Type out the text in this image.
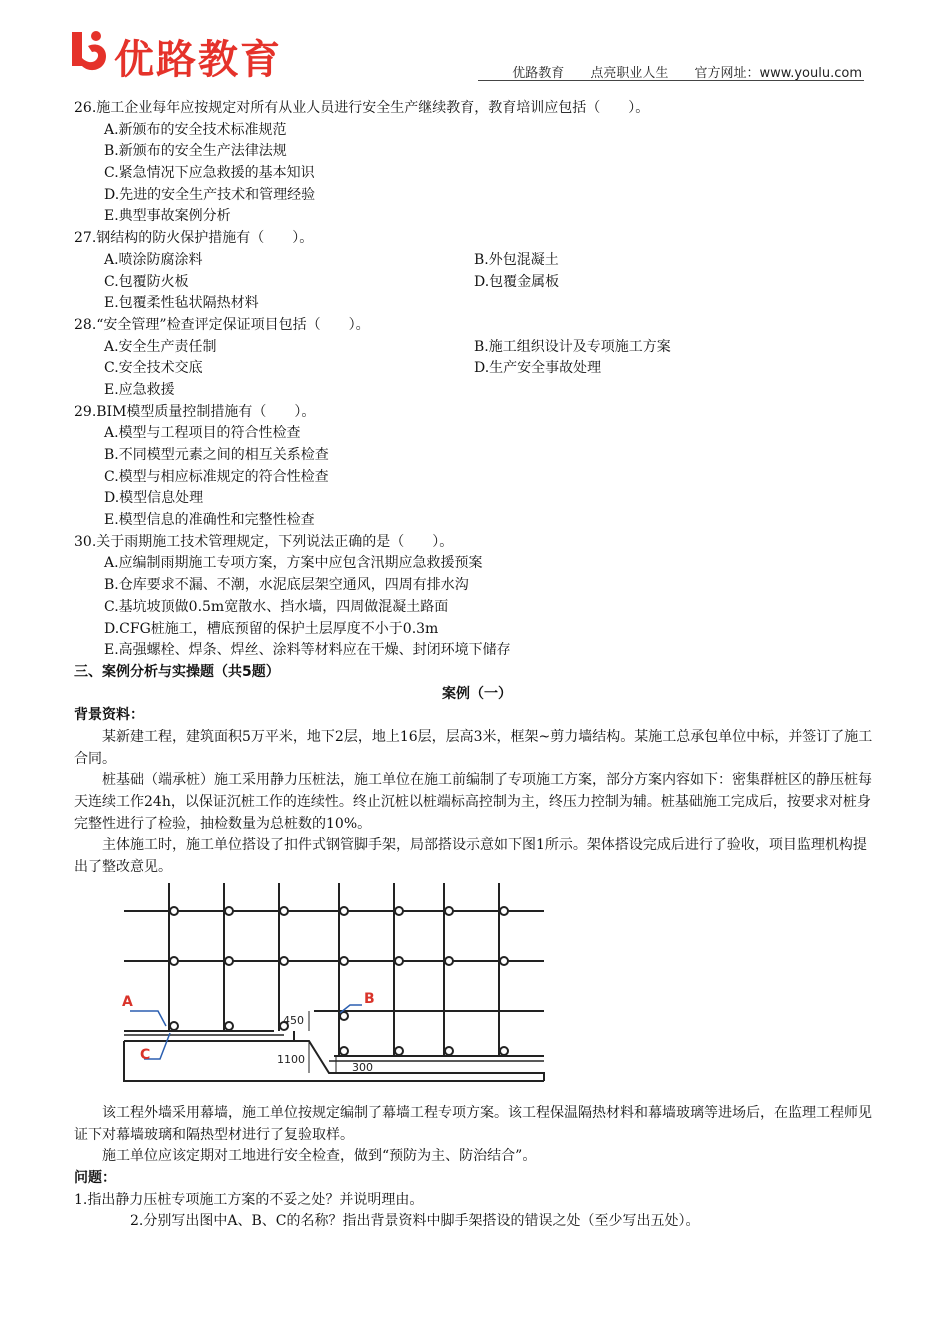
优路教育	优路教育 点亮职业人生 官方网址：www.youlu.com
26.施工企业每年应按规定对所有从业人员进行安全生产继续教育，教育培训应包括（　　）。
A.新颁布的安全技术标准规范
B.新颁布的安全生产法律法规
C.紧急情况下应急救援的基本知识
D.先进的安全生产技术和管理经验
E.典型事故案例分析
27.钢结构的防火保护措施有（　　）。
A.喷涂防腐涂料	B.外包混凝土
C.包覆防火板	D.包覆金属板
E.包覆柔性毡状隔热材料
28.“安全管理”检查评定保证项目包括（　　）。
A.安全生产责任制	B.施工组织设计及专项施工方案
C.安全技术交底	D.生产安全事故处理
E.应急救援
29.BIM模型质量控制措施有（　　）。
A.模型与工程项目的符合性检查
B.不同模型元素之间的相互关系检查
C.模型与相应标准规定的符合性检查
D.模型信息处理
E.模型信息的准确性和完整性检查
30.关于雨期施工技术管理规定，下列说法正确的是（　　）。
A.应编制雨期施工专项方案，方案中应包含汛期应急救援预案
B.仓库要求不漏、不潮，水泥底层架空通风，四周有排水沟
C.基坑坡顶做0.5m宽散水、挡水墙，四周做混凝土路面
D.CFG桩施工，槽底预留的保护土层厚度不小于0.3m
E.高强螺栓、焊条、焊丝、涂料等材料应在干燥、封闭环境下储存
三、案例分析与实操题（共5题）
案例（一）
背景资料：
某新建工程，建筑面积5万平米，地下2层，地上16层，层高3米，框架~剪力墙结构。某施工总承包单位中标，并签订了施工合同。
桩基础（端承桩）施工采用静力压桩法，施工单位在施工前编制了专项施工方案，部分方案内容如下：密集群桩区的静压桩每天连续工作24h，以保证沉桩工作的连续性。终止沉桩以桩端标高控制为主，终压力控制为辅。桩基础施工完成后，按要求对桩身完整性进行了检验，抽检数量为总桩数的10%。
主体施工时，施工单位搭设了扣件式钢管脚手架，局部搭设示意如下图1所示。架体搭设完成后进行了验收，项目监理机构提出了整改意见。
A	B
C
450
1100
300
该工程外墙采用幕墙，施工单位按规定编制了幕墙工程专项方案。该工程保温隔热材料和幕墙玻璃等进场后，在监理工程师见证下对幕墙玻璃和隔热型材进行了复验取样。
施工单位应该定期对工地进行安全检查，做到“预防为主、防治结合”。
问题：
1.指出静力压桩专项施工方案的不妥之处？并说明理由。
2.分别写出图中A、B、C的名称？指出背景资料中脚手架搭设的错误之处（至少写出五处）。
